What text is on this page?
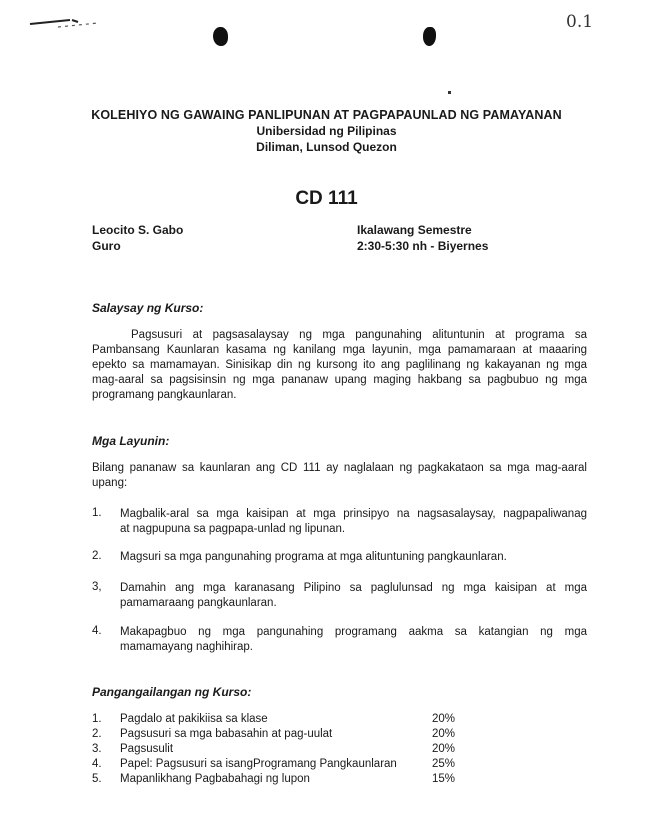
0.1
KOLEHIYO NG GAWAING PANLIPUNAN AT PAGPAPAUNLAD NG PAMAYANAN
Unibersidad ng Pilipinas
Diliman, Lunsod Quezon
CD 111
Leocito S. Gabo
Guro
Ikalawang Semestre
2:30-5:30 nh - Biyernes
Salaysay ng Kurso:
Pagsusuri at pagsasalaysay ng mga pangunahing alituntunin at programa sa
Pambansang Kaunlaran kasama ng kanilang mga layunin, mga pamamaraan at maaaring
epekto sa mamamayan. Sinisikap din ng kursong ito ang paglilinang ng kakayanan ng mga
mag-aaral sa pagsisinsin ng mga pananaw upang maging hakbang sa pagbubuo ng mga
programang pangkaunlaran.
Mga Layunin:
Bilang pananaw sa kaunlaran ang CD 111 ay naglalaan ng pagkakataon sa mga mag-aaral
upang:
1. Magbalik-aral sa mga kaisipan at mga prinsipyo na nagsasalaysay, nagpapaliwanag
at nagpupuna sa pagpapa-unlad ng lipunan.
2. Magsuri sa mga pangunahing programa at mga alituntuning pangkaunlaran.
3, Damahin ang mga karanasang Pilipino sa paglulunsad ng mga kaisipan at mga
pamamaraang pangkaunlaran.
4. Makapagbuo ng mga pangunahing programang aakma sa katangian ng mga
mamamayang naghihirap.
Pangangailangan ng Kurso:
1. Pagdalo at pakikiisa sa klase	20%
2. Pagsusuri sa mga babasahin at pag-uulat	20%
3. Pagsusulit	20%
4. Papel: Pagsusuri sa isangProgramang Pangkaunlaran	25%
5. Mapanlikhang Pagbabahagi ng lupon	15%
